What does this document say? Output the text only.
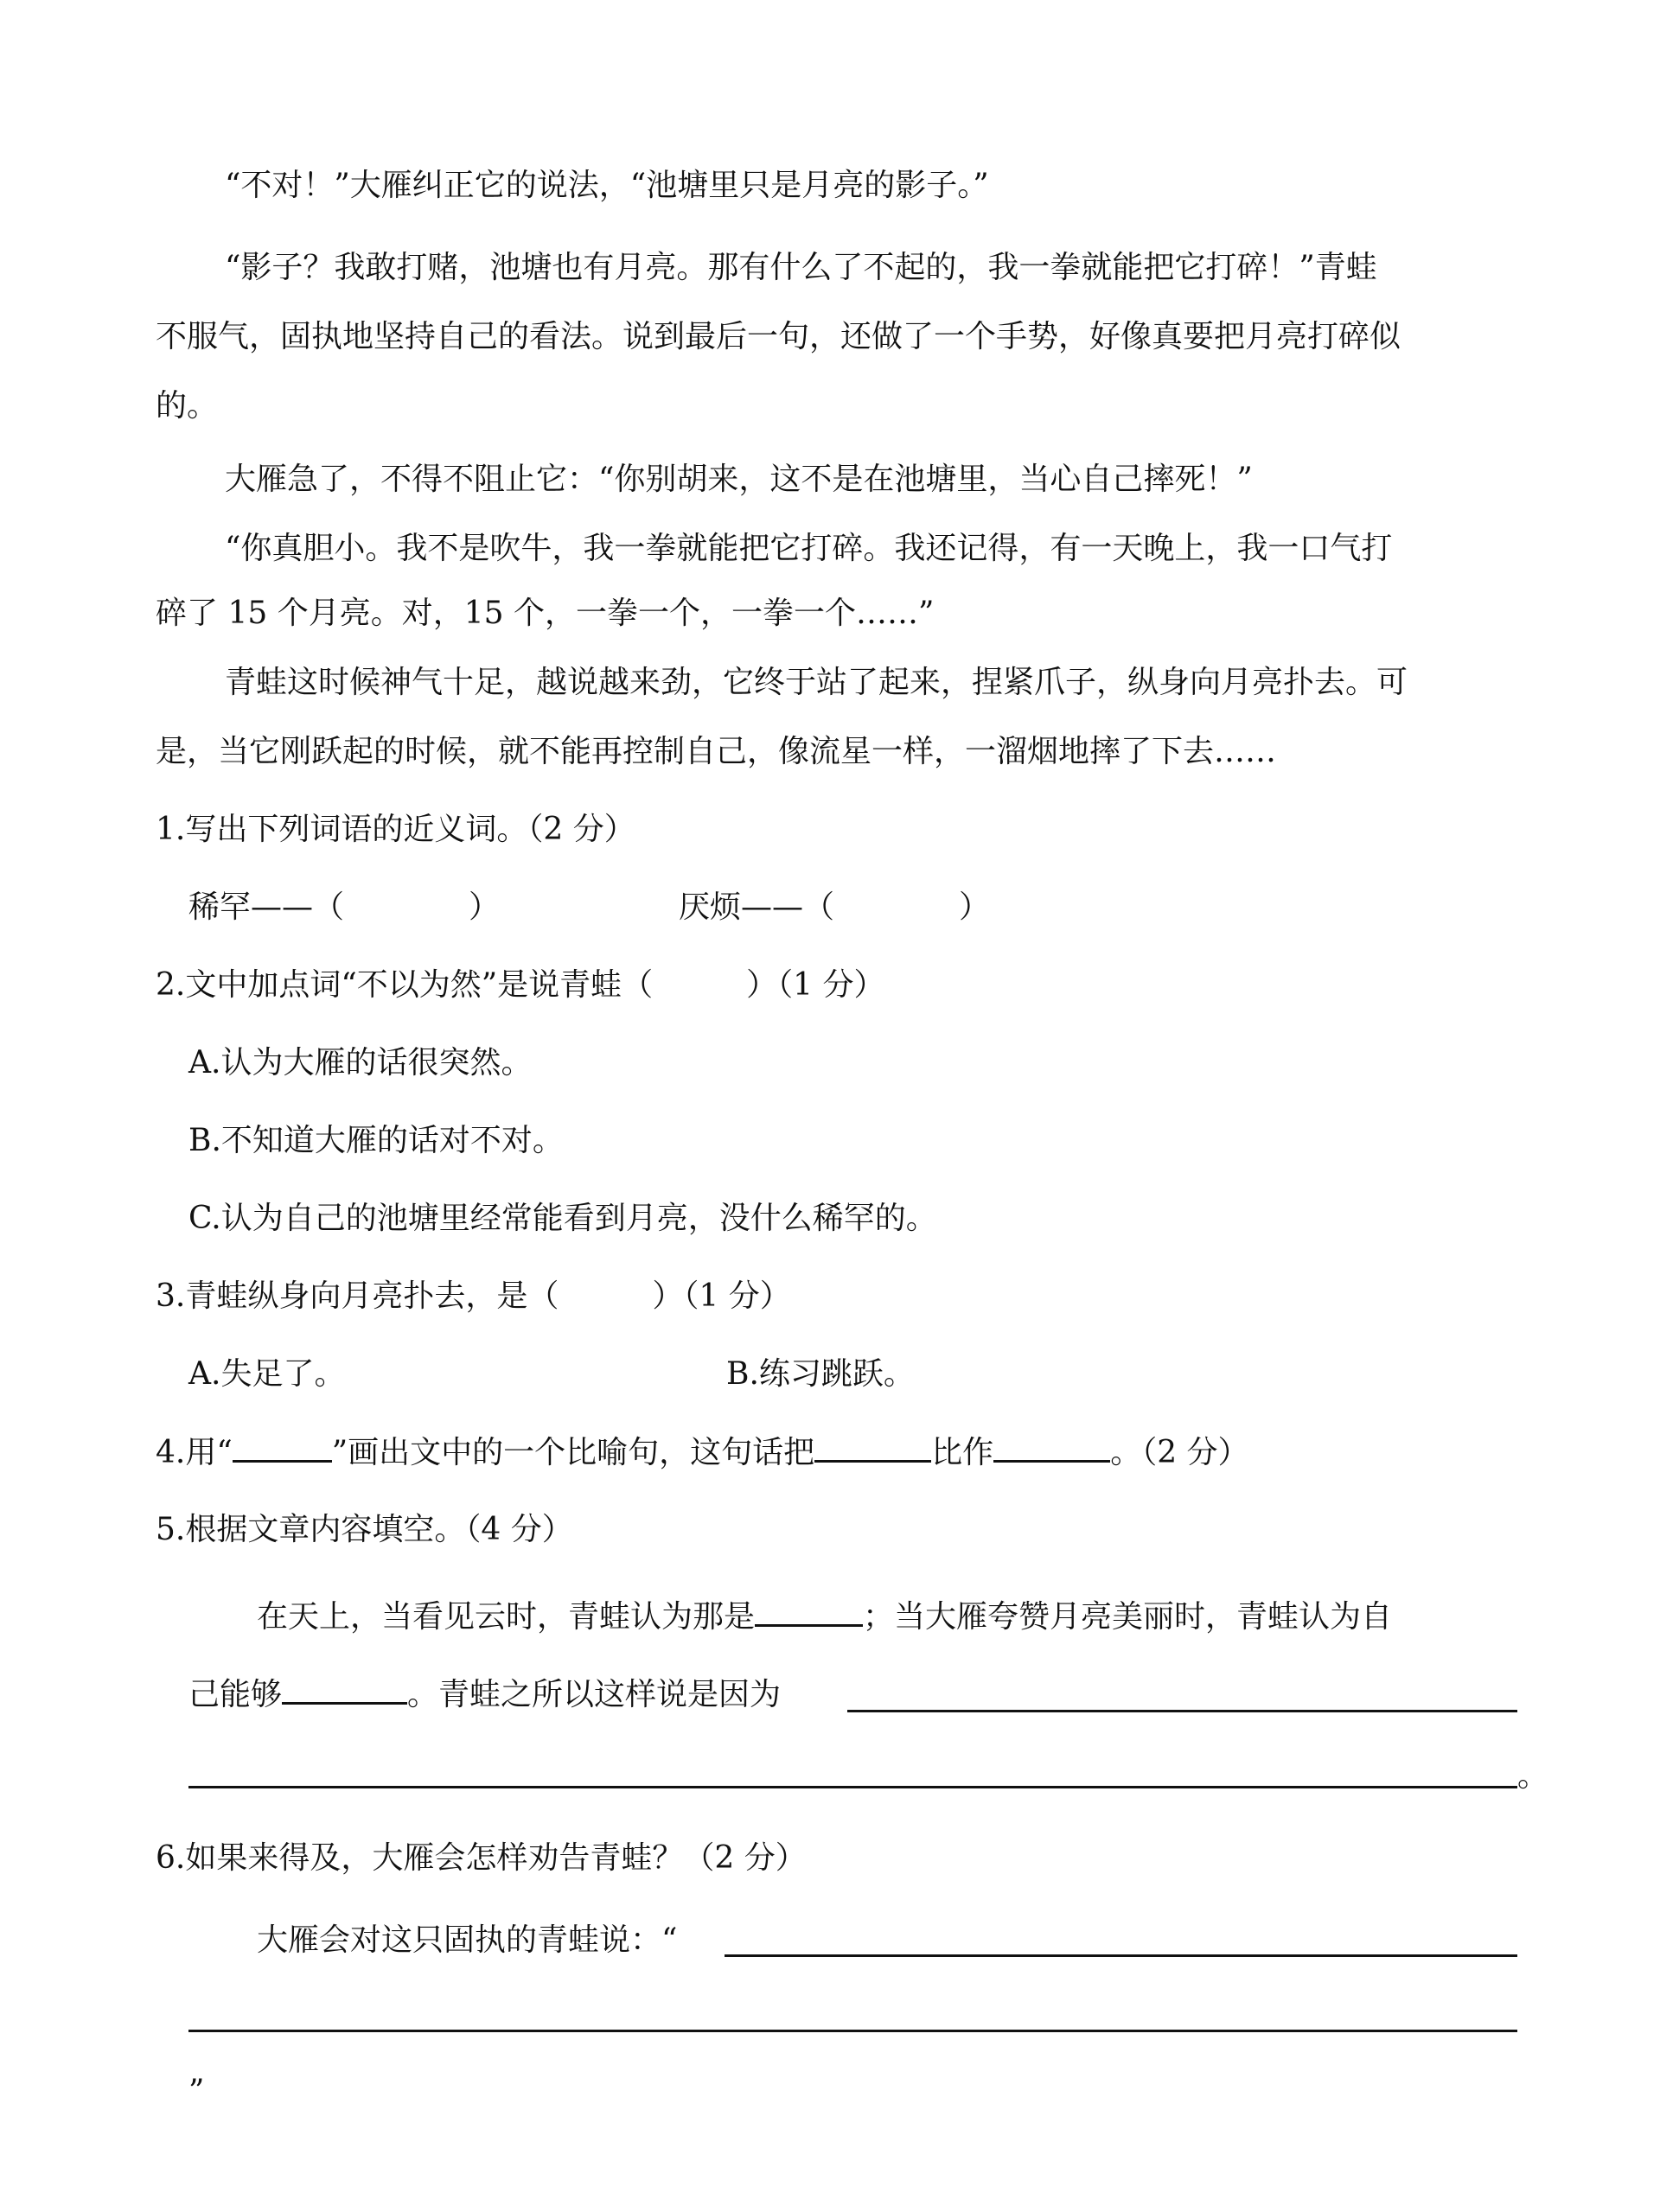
“不对！”大雁纠正它的说法，“池塘里只是月亮的影子。”
“影子？我敢打赌，池塘也有月亮。那有什么了不起的，我一拳就能把它打碎！”青蛙
不服气，固执地坚持自己的看法。说到最后一句，还做了一个手势，好像真要把月亮打碎似
的。
大雁急了，不得不阻止它：“你别胡来，这不是在池塘里，当心自己摔死！”
“你真胆小。我不是吹牛，我一拳就能把它打碎。我还记得，有一天晚上，我一口气打
碎了 15 个月亮。对，15 个，一拳一个，一拳一个……”
青蛙这时候神气十足，越说越来劲，它终于站了起来，捏紧爪子，纵身向月亮扑去。可
是，当它刚跃起的时候，就不能再控制自己，像流星一样，一溜烟地摔了下去……
1.写出下列词语的近义词。（2 分）
稀罕——（　　　　）	厌烦——（　　　　）
2.文中加点词“不以为然”是说青蛙（　　　）（1 分）
A.认为大雁的话很突然。
B.不知道大雁的话对不对。
C.认为自己的池塘里经常能看到月亮，没什么稀罕的。
3.青蛙纵身向月亮扑去，是（　　　）（1 分）
A.失足了。	B.练习跳跃。
4.用“	”画出文中的一个比喻句，这句话把	比作	。（2 分）
5.根据文章内容填空。（4 分）
在天上，当看见云时，青蛙认为那是	；当大雁夸赞月亮美丽时，青蛙认为自
己能够	。青蛙之所以这样说是因为
。
6.如果来得及，大雁会怎样劝告青蛙？（2 分）
大雁会对这只固执的青蛙说：“
”
